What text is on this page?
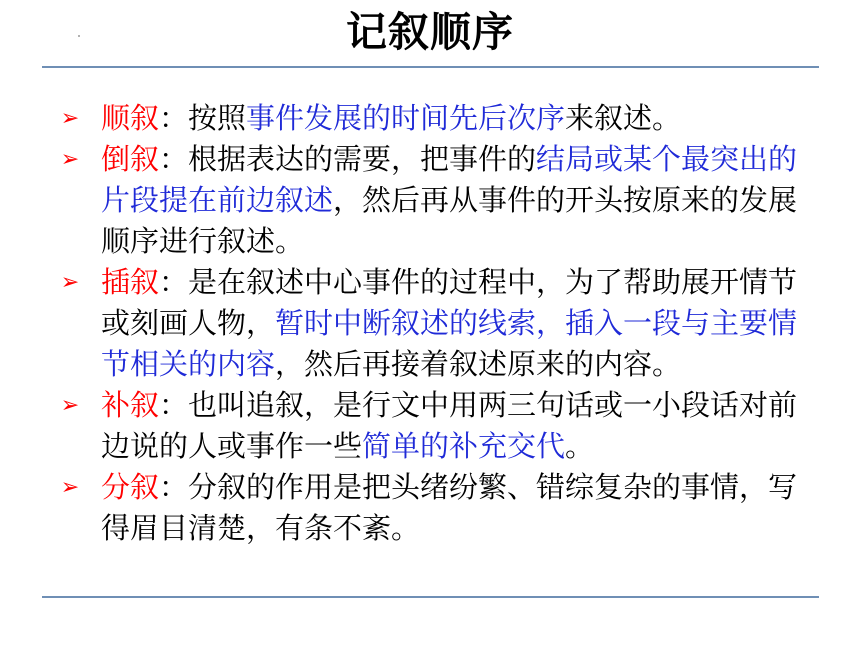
记叙顺序
➢ 顺叙：按照事件发展的时间先后次序来叙述。
➢ 倒叙：根据表达的需要，把事件的结局或某个最突出的片段提在前边叙述，然后再从事件的开头按原来的发展顺序进行叙述。
➢ 插叙：是在叙述中心事件的过程中，为了帮助展开情节或刻画人物，暂时中断叙述的线索，插入一段与主要情节相关的内容，然后再接着叙述原来的内容。
➢ 补叙：也叫追叙，是行文中用两三句话或一小段话对前边说的人或事作一些简单的补充交代。
➢ 分叙：分叙的作用是把头绪纷繁、错综复杂的事情，写得眉目清楚，有条不紊。
